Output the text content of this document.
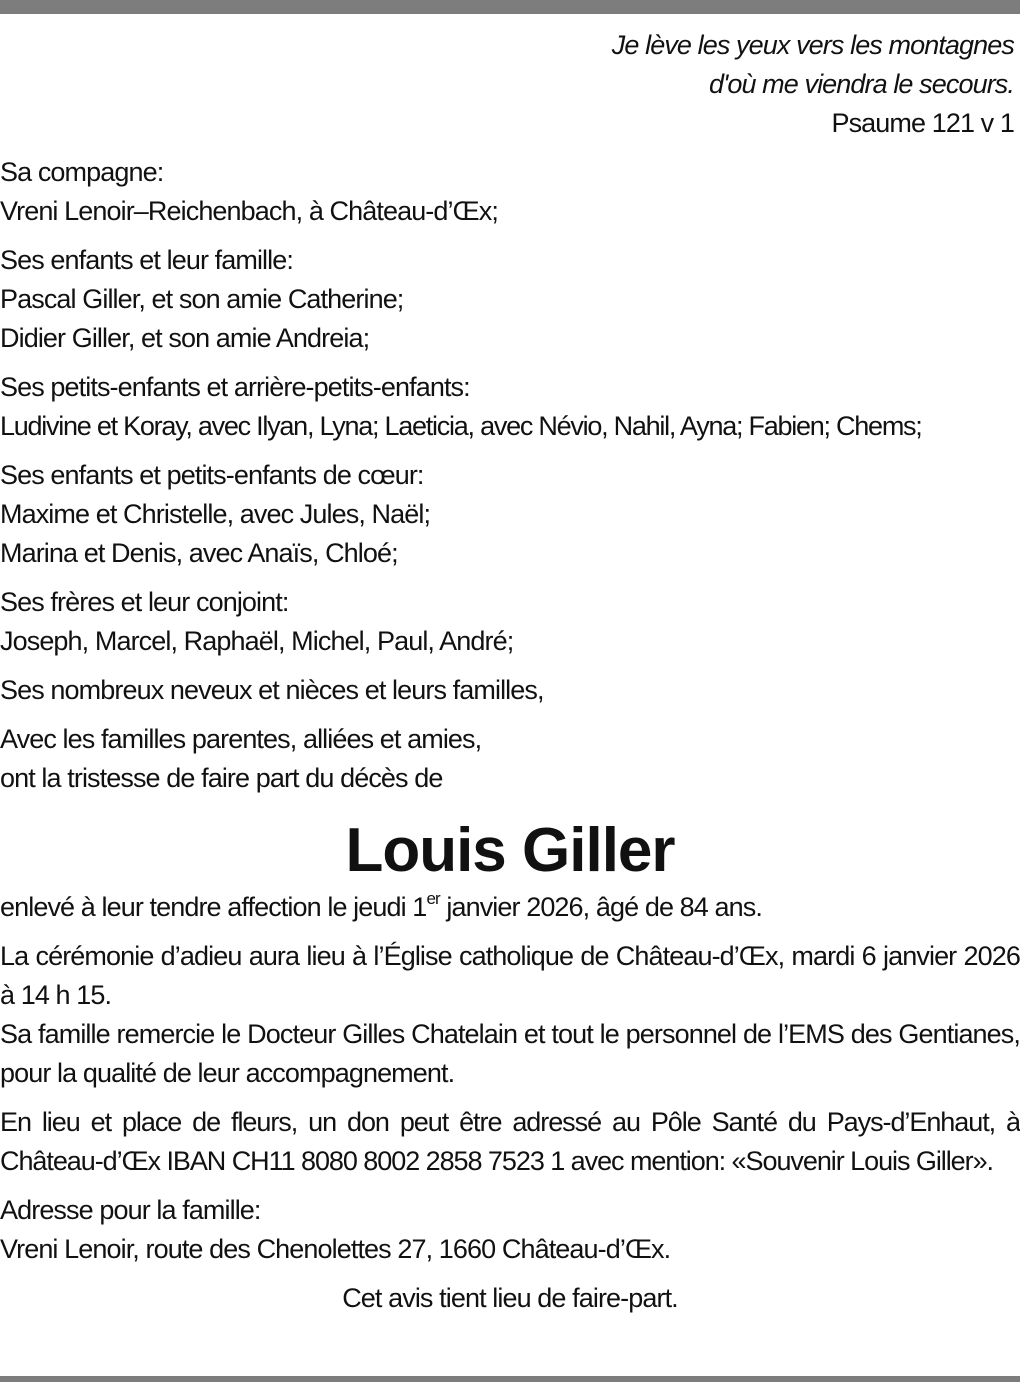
Je lève les yeux vers les montagnes
d'où me viendra le secours.
Psaume 121 v 1
Sa compagne:
Vreni Lenoir–Reichenbach, à Château-d’Œx;
Ses enfants et leur famille:
Pascal Giller, et son amie Catherine;
Didier Giller, et son amie Andreia;
Ses petits-enfants et arrière-petits-enfants:
Ludivine et Koray, avec Ilyan, Lyna; Laeticia, avec Névio, Nahil, Ayna; Fabien; Chems;
Ses enfants et petits-enfants de cœur:
Maxime et Christelle, avec Jules, Naël;
Marina et Denis, avec Anaïs, Chloé;
Ses frères et leur conjoint:
Joseph, Marcel, Raphaël, Michel, Paul, André;
Ses nombreux neveux et nièces et leurs familles,
Avec les familles parentes, alliées et amies,
ont la tristesse de faire part du décès de
Louis Giller
enlevé à leur tendre affection le jeudi 1er janvier 2026, âgé de 84 ans.
La cérémonie d’adieu aura lieu à l’Église catholique de Château-d’Œx, mardi 6 janvier 2026 à 14 h 15.
Sa famille remercie le Docteur Gilles Chatelain et tout le personnel de l’EMS des Gentianes, pour la qualité de leur accompagnement.
En lieu et place de fleurs, un don peut être adressé au Pôle Santé du Pays-d’Enhaut, à Château-d’Œx IBAN CH11 8080 8002 2858 7523 1 avec mention: «Souvenir Louis Giller».
Adresse pour la famille:
Vreni Lenoir, route des Chenolettes 27, 1660 Château-d’Œx.
Cet avis tient lieu de faire-part.
